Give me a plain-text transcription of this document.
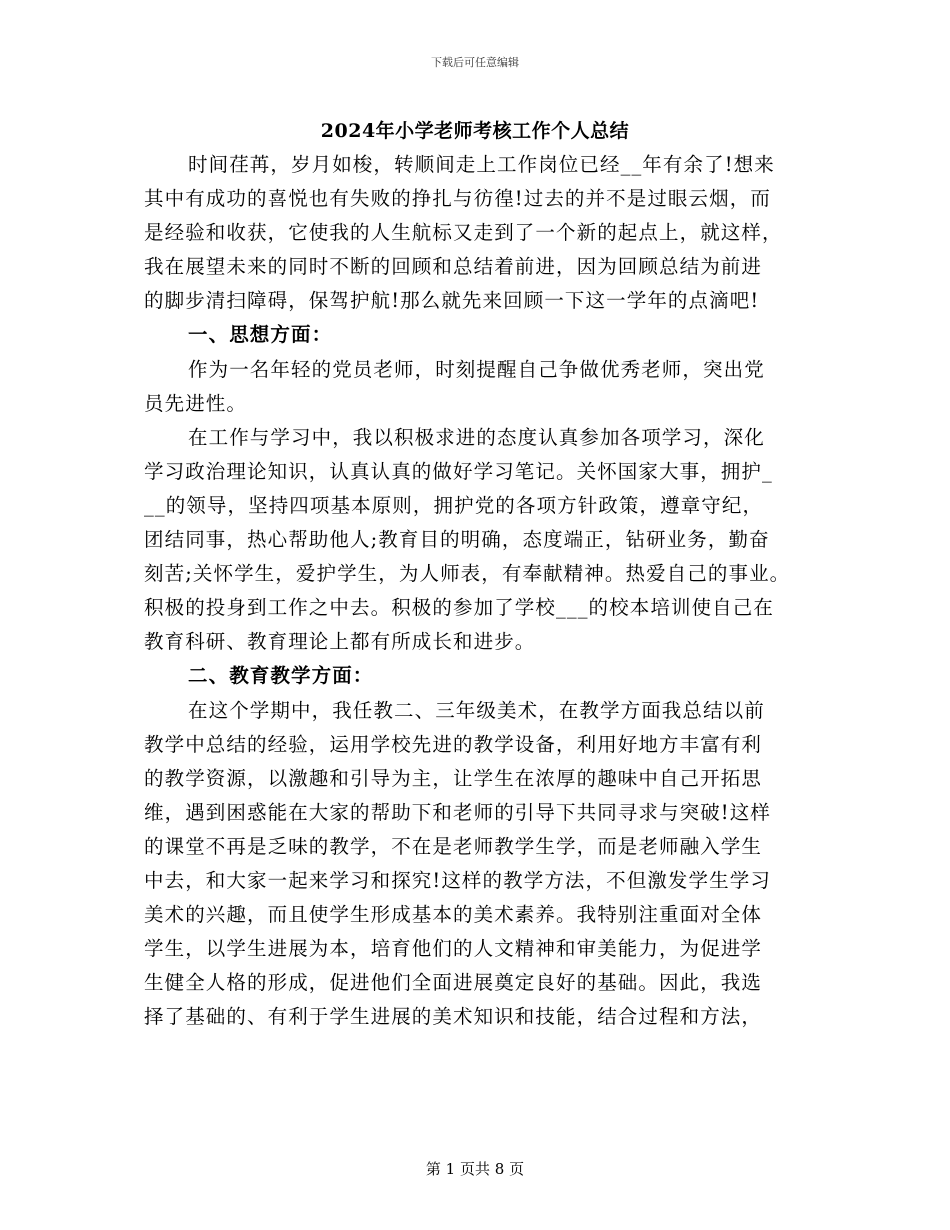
下载后可任意编辑
2024年小学老师考核工作个人总结
时间荏苒，岁月如梭，转顺间走上工作岗位已经__年有余了!想来
其中有成功的喜悦也有失败的挣扎与彷徨!过去的并不是过眼云烟，而
是经验和收获，它使我的人生航标又走到了一个新的起点上，就这样，
我在展望未来的同时不断的回顾和总结着前进，因为回顾总结为前进
的脚步清扫障碍，保驾护航!那么就先来回顾一下这一学年的点滴吧!
一、思想方面：
作为一名年轻的党员老师，时刻提醒自己争做优秀老师，突出党
员先进性。
在工作与学习中，我以积极求进的态度认真参加各项学习，深化
学习政治理论知识，认真认真的做好学习笔记。关怀国家大事，拥护_
__的领导，坚持四项基本原则，拥护党的各项方针政策，遵章守纪，
团结同事，热心帮助他人;教育目的明确，态度端正，钻研业务，勤奋
刻苦;关怀学生，爱护学生，为人师表，有奉献精神。热爱自己的事业。
积极的投身到工作之中去。积极的参加了学校___的校本培训使自己在
教育科研、教育理论上都有所成长和进步。
二、教育教学方面：
在这个学期中，我任教二、三年级美术，在教学方面我总结以前
教学中总结的经验，运用学校先进的教学设备，利用好地方丰富有利
的教学资源，以激趣和引导为主，让学生在浓厚的趣味中自己开拓思
维，遇到困惑能在大家的帮助下和老师的引导下共同寻求与突破!这样
的课堂不再是乏味的教学，不在是老师教学生学，而是老师融入学生
中去，和大家一起来学习和探究!这样的教学方法，不但激发学生学习
美术的兴趣，而且使学生形成基本的美术素养。我特别注重面对全体
学生，以学生进展为本，培育他们的人文精神和审美能力，为促进学
生健全人格的形成，促进他们全面进展奠定良好的基础。因此，我选
择了基础的、有利于学生进展的美术知识和技能，结合过程和方法，
第 1 页共 8 页
